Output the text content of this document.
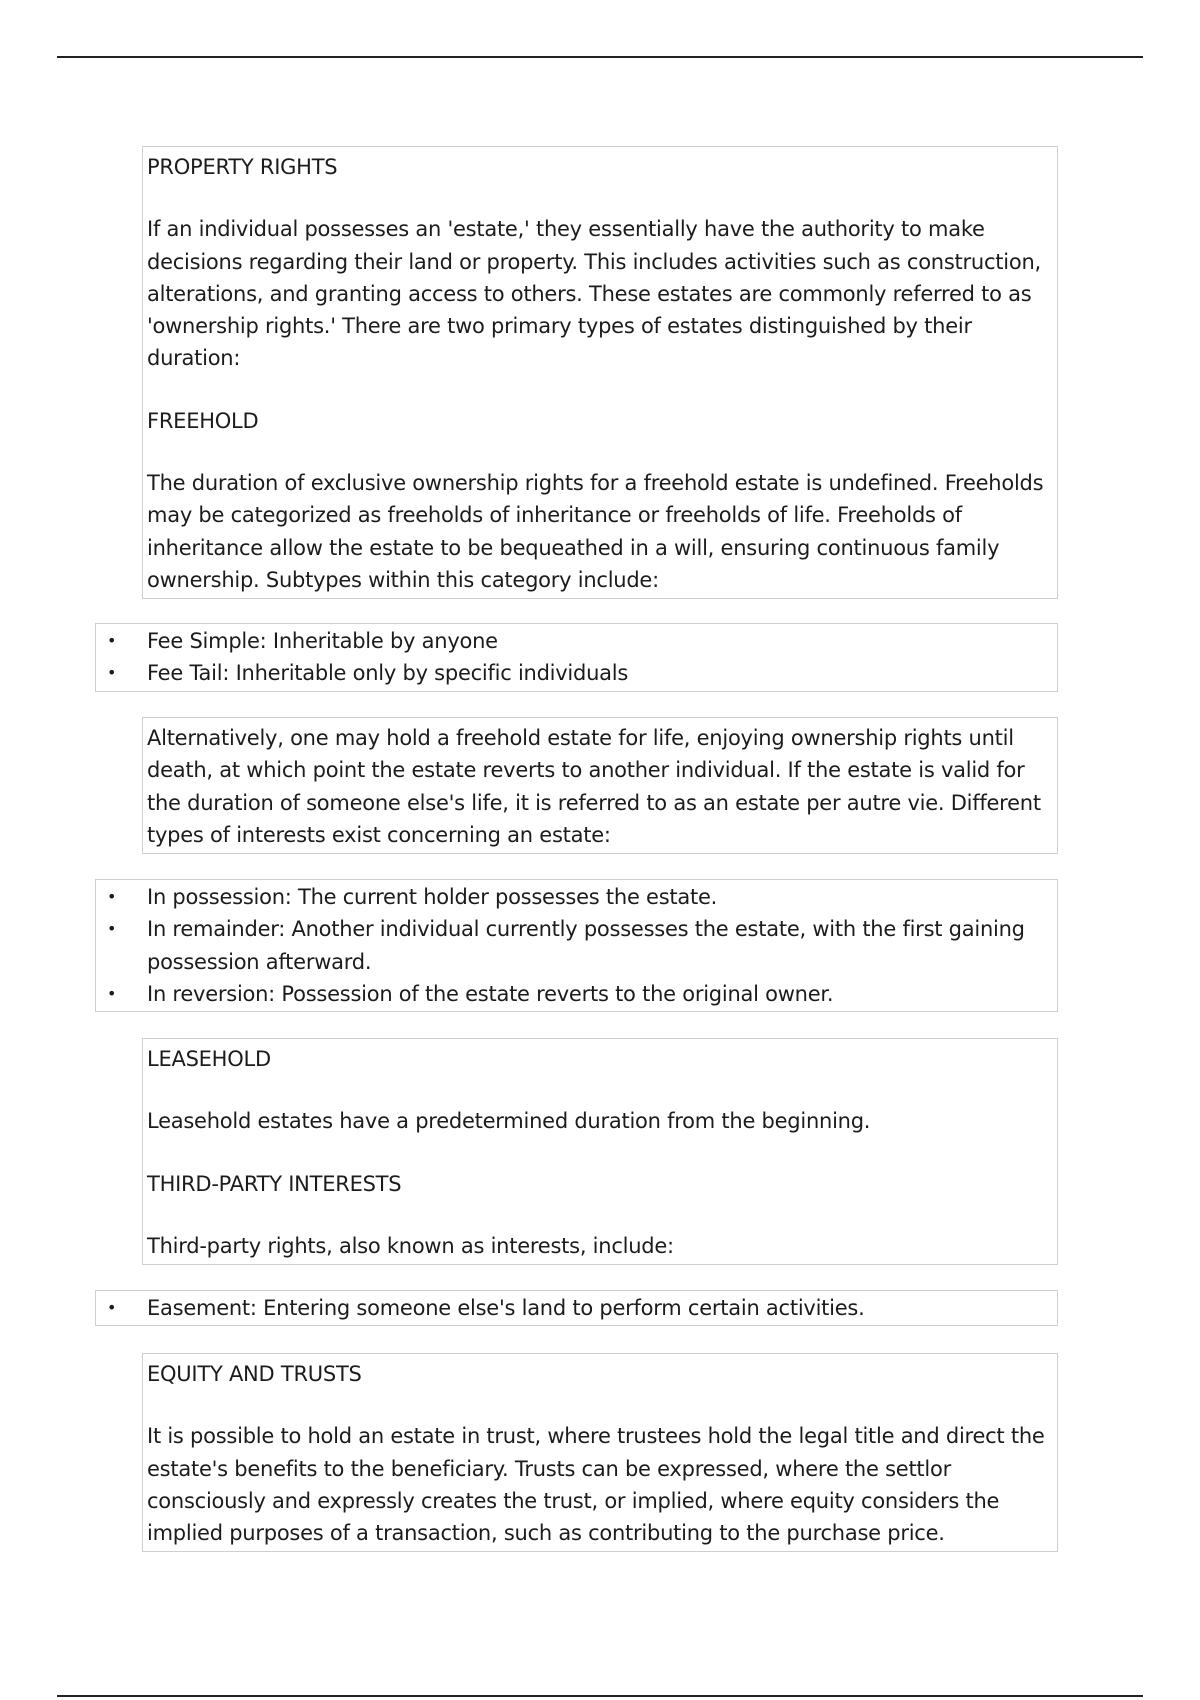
PROPERTY RIGHTS

If an individual possesses an 'estate,' they essentially have the authority to make decisions regarding their land or property. This includes activities such as construction, alterations, and granting access to others. These estates are commonly referred to as 'ownership rights.' There are two primary types of estates distinguished by their duration:

FREEHOLD

The duration of exclusive ownership rights for a freehold estate is undefined. Freeholds may be categorized as freeholds of inheritance or freeholds of life. Freeholds of inheritance allow the estate to be bequeathed in a will, ensuring continuous family ownership. Subtypes within this category include:

• Fee Simple: Inheritable by anyone
• Fee Tail: Inheritable only by specific individuals

Alternatively, one may hold a freehold estate for life, enjoying ownership rights until death, at which point the estate reverts to another individual. If the estate is valid for the duration of someone else's life, it is referred to as an estate per autre vie. Different types of interests exist concerning an estate:

• In possession: The current holder possesses the estate.
• In remainder: Another individual currently possesses the estate, with the first gaining possession afterward.
• In reversion: Possession of the estate reverts to the original owner.

LEASEHOLD

Leasehold estates have a predetermined duration from the beginning.

THIRD-PARTY INTERESTS

Third-party rights, also known as interests, include:

• Easement: Entering someone else's land to perform certain activities.

EQUITY AND TRUSTS

It is possible to hold an estate in trust, where trustees hold the legal title and direct the estate's benefits to the beneficiary. Trusts can be expressed, where the settlor consciously and expressly creates the trust, or implied, where equity considers the implied purposes of a transaction, such as contributing to the purchase price.
